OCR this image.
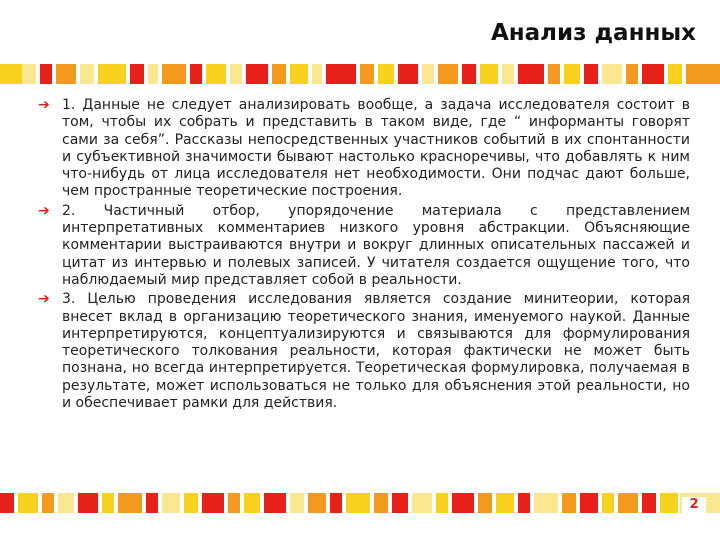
Анализ данных
➔ 1. Данные не следует анализировать вообще, а задача исследователя состоит в том, чтобы их собрать и представить в таком виде, где “ информанты говорят сами за себя”. Рассказы непосредственных участников событий в их спонтанности и субъективной значимости бывают настолько красноречивы, что добавлять к ним что-нибудь от лица исследователя нет необходимости. Они подчас дают больше, чем пространные теоретические построения.
➔ 2. Частичный отбор, упорядочение материала с представлением интерпретативных комментариев низкого уровня абстракции. Объясняющие комментарии выстраиваются внутри и вокруг длинных описательных пассажей и цитат из интервью и полевых записей. У читателя создается ощущение того, что наблюдаемый мир представляет собой в реальности.
➔ 3. Целью проведения исследования является создание минитеории, которая внесет вклад в организацию теоретического знания, именуемого наукой. Данные интерпретируются, концептуализируются и связываются для формулирования теоретического толкования реальности, которая фактически не может быть познана, но всегда интерпретируется. Теоретическая формулировка, получаемая в результате, может использоваться не только для объяснения этой реальности, но и обеспечивает рамки для действия.
2
